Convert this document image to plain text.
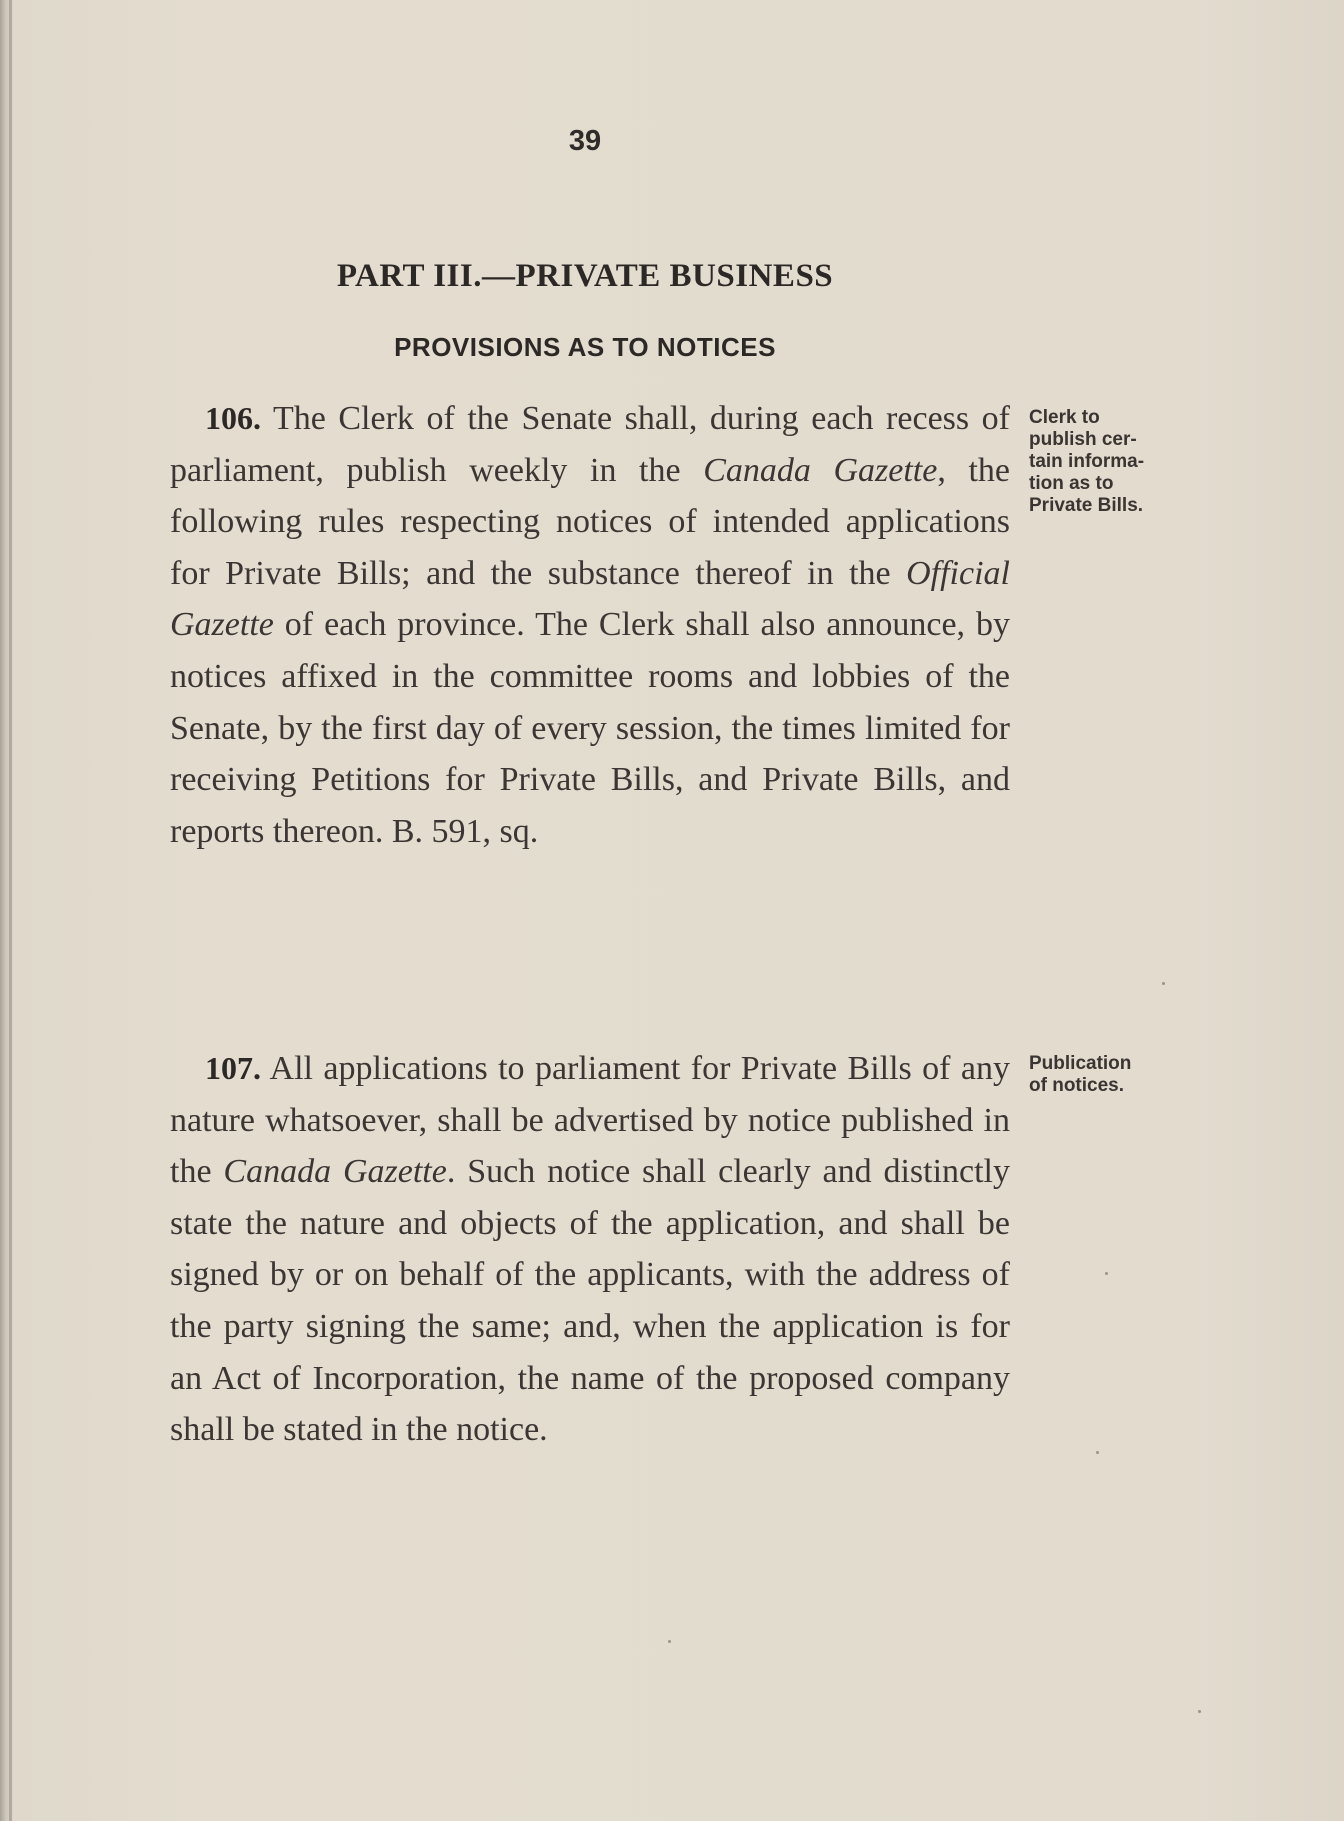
39
PART III.—PRIVATE BUSINESS
PROVISIONS AS TO NOTICES
106. The Clerk of the Senate shall, during each recess of parliament, publish weekly in the Canada Gazette, the following rules respecting notices of intended applications for Private Bills; and the substance thereof in the Official Gazette of each province. The Clerk shall also announce, by notices affixed in the committee rooms and lobbies of the Senate, by the first day of every session, the times limited for receiving Petitions for Private Bills, and Private Bills, and reports thereon. B. 591, sq.
Clerk to
publish cer-
tain informa-
tion as to
Private Bills.
107. All applications to parliament for Private Bills of any nature whatsoever, shall be advertised by notice published in the Canada Gazette. Such notice shall clearly and distinctly state the nature and objects of the application, and shall be signed by or on behalf of the applicants, with the address of the party signing the same; and, when the application is for an Act of Incorporation, the name of the proposed company shall be stated in the notice.
Publication
of notices.
